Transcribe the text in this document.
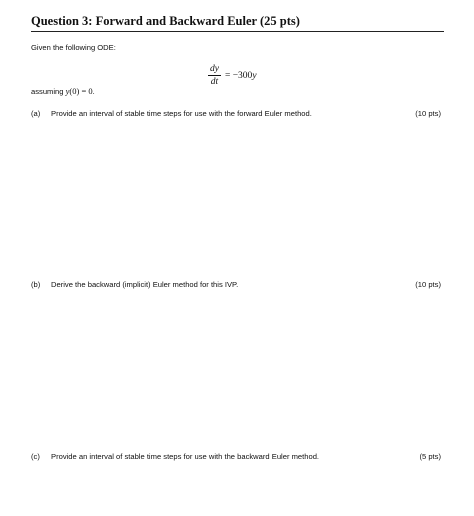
Question 3: Forward and Backward Euler (25 pts)
Given the following ODE:
$\frac{dy}{dt} = -300y$
assuming y(0) = 0.
(a) Provide an interval of stable time steps for use with the forward Euler method.	(10 pts)
(b) Derive the backward (implicit) Euler method for this IVP.	(10 pts)
(c) Provide an interval of stable time steps for use with the backward Euler method.	(5 pts)
